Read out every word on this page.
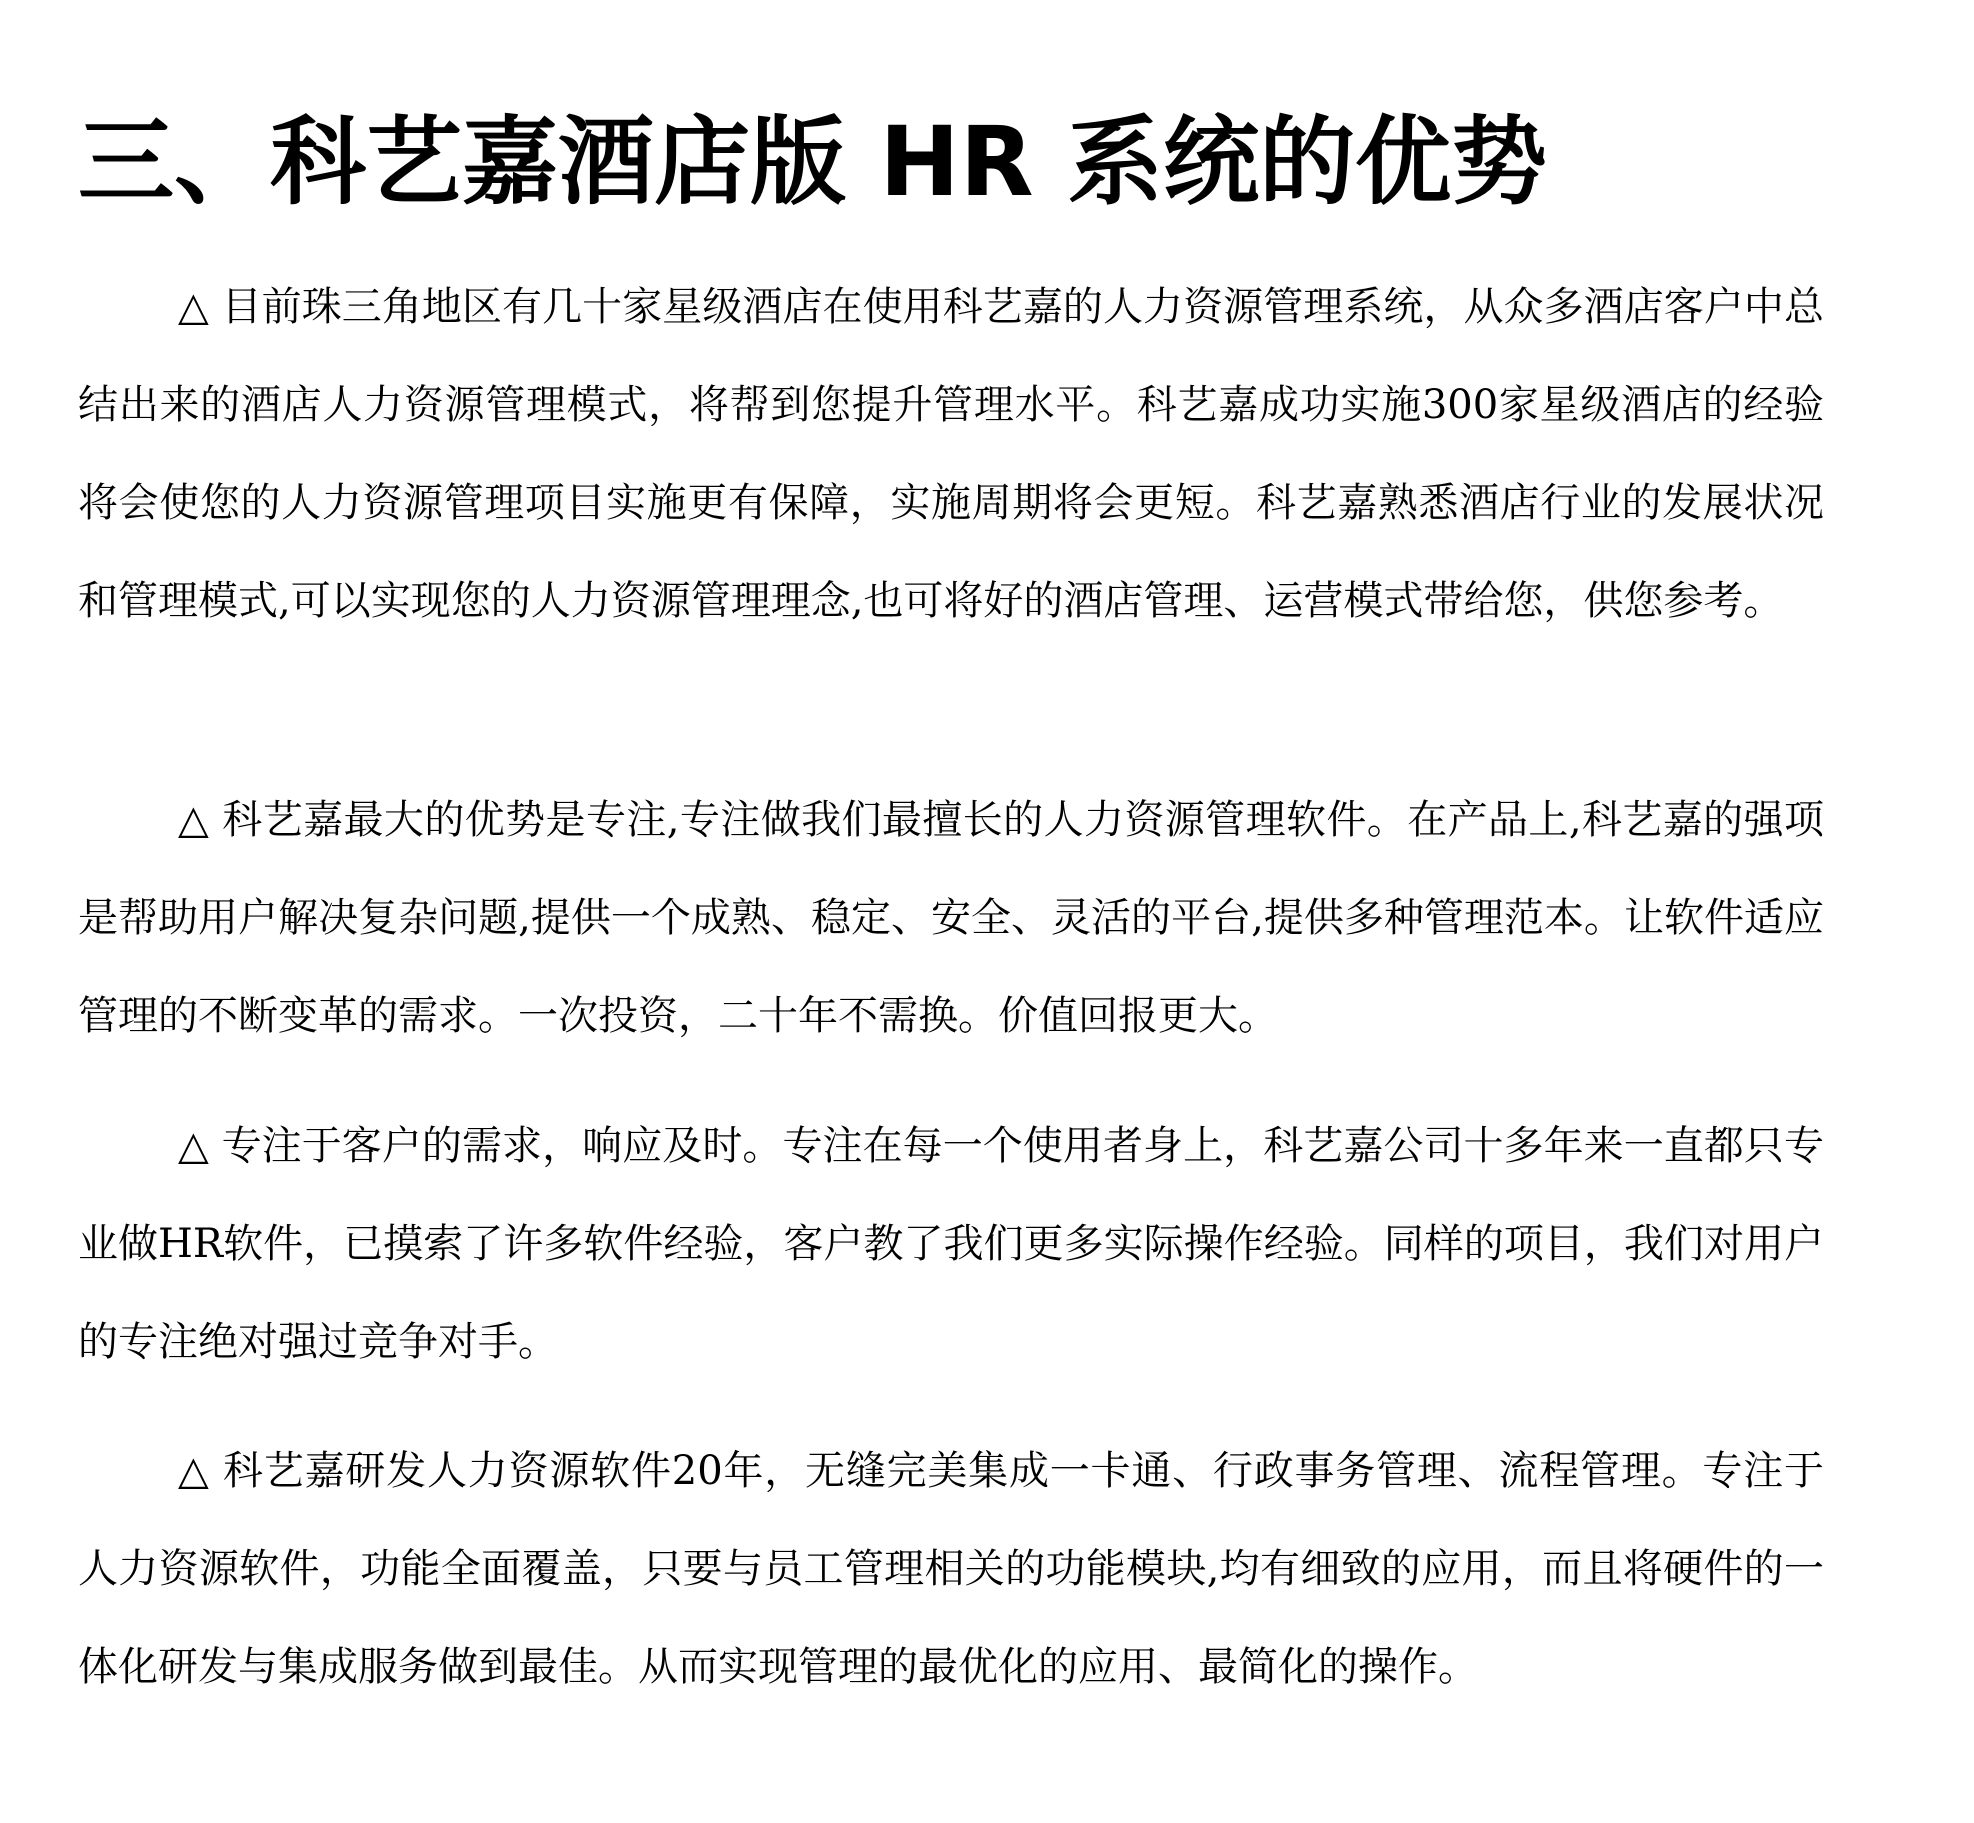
三、科艺嘉酒店版 HR 系统的优势

△ 目前珠三角地区有几十家星级酒店在使用科艺嘉的人力资源管理系统，从众多酒店客户中总结出来的酒店人力资源管理模式，将帮到您提升管理水平。科艺嘉成功实施300家星级酒店的经验将会使您的人力资源管理项目实施更有保障，实施周期将会更短。科艺嘉熟悉酒店行业的发展状况和管理模式,可以实现您的人力资源管理理念,也可将好的酒店管理、运营模式带给您，供您参考。

△ 科艺嘉最大的优势是专注,专注做我们最擅长的人力资源管理软件。在产品上,科艺嘉的强项是帮助用户解决复杂问题,提供一个成熟、稳定、安全、灵活的平台,提供多种管理范本。让软件适应管理的不断变革的需求。一次投资，二十年不需换。价值回报更大。

△ 专注于客户的需求，响应及时。专注在每一个使用者身上，科艺嘉公司十多年来一直都只专业做HR软件，已摸索了许多软件经验，客户教了我们更多实际操作经验。同样的项目，我们对用户的专注绝对强过竞争对手。

△ 科艺嘉研发人力资源软件20年，无缝完美集成一卡通、行政事务管理、流程管理。专注于人力资源软件，功能全面覆盖，只要与员工管理相关的功能模块,均有细致的应用，而且将硬件的一体化研发与集成服务做到最佳。从而实现管理的最优化的应用、最简化的操作。
